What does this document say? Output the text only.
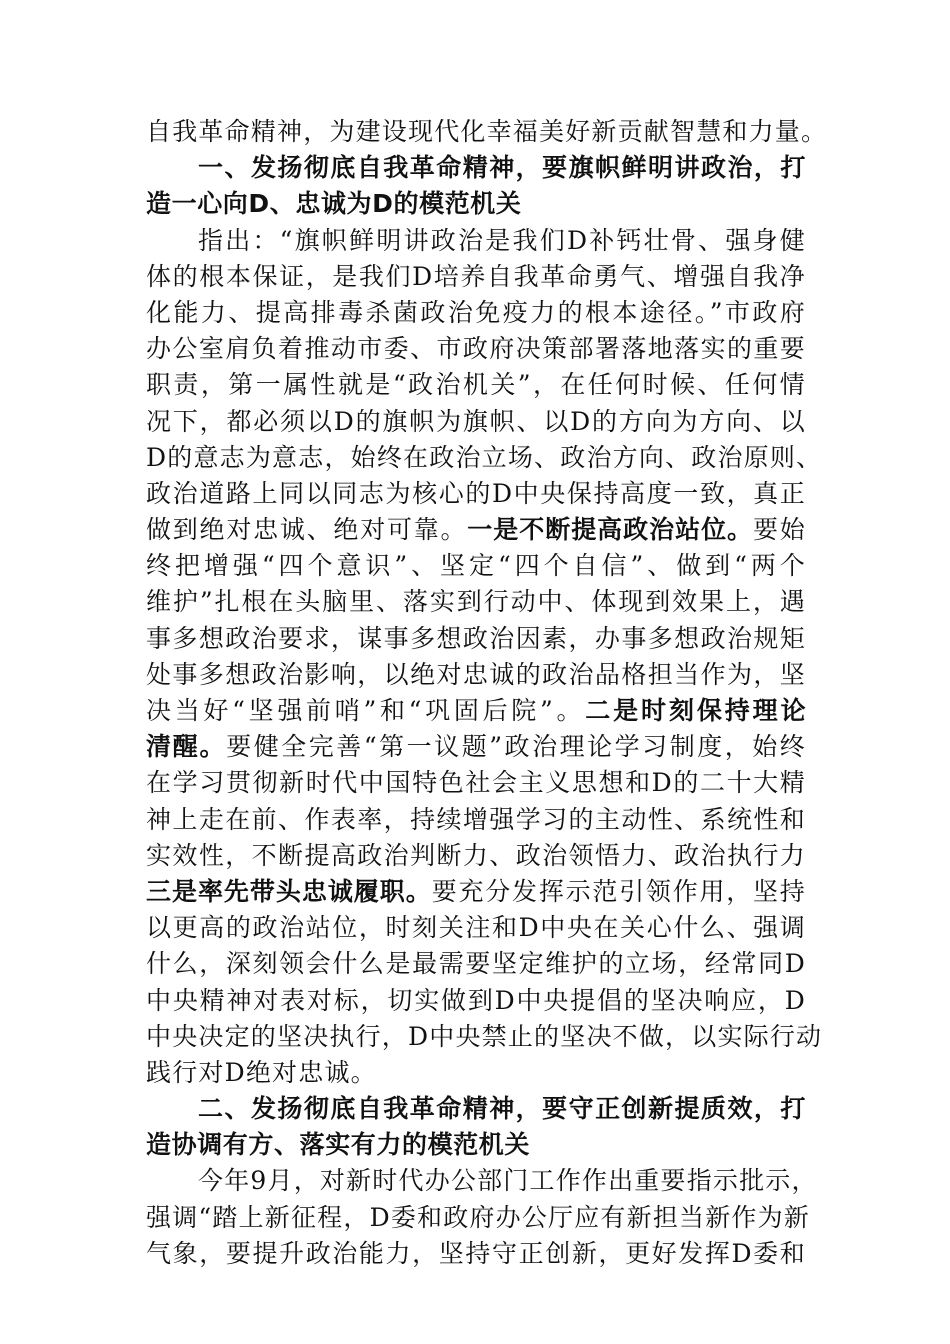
自我革命精神，为建设现代化幸福美好新贡献智慧和力量。
一、发扬彻底自我革命精神，要旗帜鲜明讲政治，打
造一心向D、忠诚为D的模范机关
指出：“旗帜鲜明讲政治是我们D补钙壮骨、强身健
体的根本保证，是我们D培养自我革命勇气、增强自我净
化能力、提高排毒杀菌政治免疫力的根本途径。”市政府
办公室肩负着推动市委、市政府决策部署落地落实的重要
职责，第一属性就是“政治机关”，在任何时候、任何情
况下，都必须以D的旗帜为旗帜、以D的方向为方向、以
D的意志为意志，始终在政治立场、政治方向、政治原则、
政治道路上同以同志为核心的D中央保持高度一致，真正
做到绝对忠诚、绝对可靠。一是不断提高政治站位。要始
终把增强“四个意识”、坚定“四个自信”、做到“两个
维护”扎根在头脑里、落实到行动中、体现到效果上，遇
事多想政治要求，谋事多想政治因素，办事多想政治规矩
处事多想政治影响，以绝对忠诚的政治品格担当作为，坚
决当好“坚强前哨”和“巩固后院”。二是时刻保持理论
清醒。要健全完善“第一议题”政治理论学习制度，始终
在学习贯彻新时代中国特色社会主义思想和D的二十大精
神上走在前、作表率，持续增强学习的主动性、系统性和
实效性，不断提高政治判断力、政治领悟力、政治执行力
三是率先带头忠诚履职。要充分发挥示范引领作用，坚持
以更高的政治站位，时刻关注和D中央在关心什么、强调
什么，深刻领会什么是最需要坚定维护的立场，经常同D
中央精神对表对标，切实做到D中央提倡的坚决响应，D
中央决定的坚决执行，D中央禁止的坚决不做，以实际行动
践行对D绝对忠诚。
二、发扬彻底自我革命精神，要守正创新提质效，打
造协调有方、落实有力的模范机关
今年9月，对新时代办公部门工作作出重要指示批示，
强调“踏上新征程，D委和政府办公厅应有新担当新作为新
气象，要提升政治能力，坚持守正创新，更好发挥D委和
